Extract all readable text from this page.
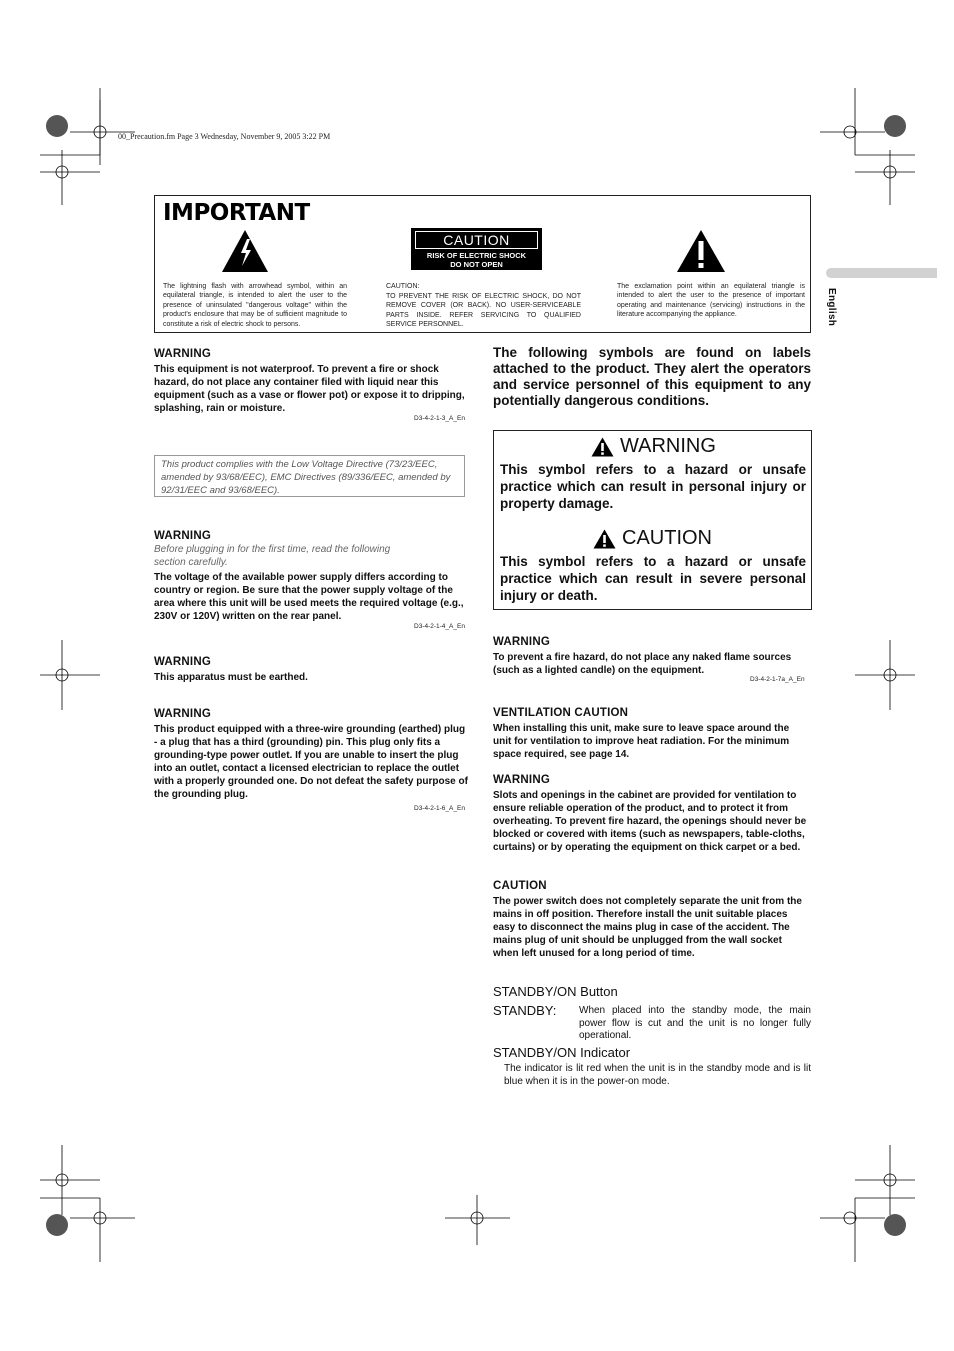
00_Precaution.fm Page 3 Wednesday, November 9, 2005 3:22 PM
English
IMPORTANT
The lightning flash with arrowhead symbol, within an equilateral triangle, is intended to alert the user to the presence of uninsulated "dangerous voltage" within the product's enclosure that may be of sufficient magnitude to constitute a risk of electric shock to persons.
CAUTION
RISK OF ELECTRIC SHOCK
DO NOT OPEN
CAUTION:
TO PREVENT THE RISK OF ELECTRIC SHOCK, DO NOT REMOVE COVER (OR BACK). NO USER-SERVICEABLE PARTS INSIDE. REFER SERVICING TO QUALIFIED SERVICE PERSONNEL.
The exclamation point within an equilateral triangle is intended to alert the user to the presence of important operating and maintenance (servicing) instructions in the literature accompanying the appliance.
WARNING
This equipment is not waterproof. To prevent a fire or shock hazard, do not place any container filed with liquid near this equipment (such as a vase or flower pot) or expose it to dripping, splashing, rain or moisture.
D3-4-2-1-3_A_En
This product complies with the Low Voltage Directive (73/23/EEC, amended by 93/68/EEC), EMC Directives (89/336/EEC, amended by 92/31/EEC and 93/68/EEC).
WARNING
Before plugging in for the first time, read the following section carefully.
The voltage of the available power supply differs according to country or region. Be sure that the power supply voltage of the area where this unit will be used meets the required voltage (e.g., 230V or 120V) written on the rear panel.
D3-4-2-1-4_A_En
WARNING
This apparatus must be earthed.
WARNING
This product equipped with a three-wire grounding (earthed) plug - a plug that has a third (grounding) pin. This plug only fits a grounding-type power outlet. If you are unable to insert the plug into an outlet, contact a licensed electrician to replace the outlet with a properly grounded one. Do not defeat the safety purpose of the grounding plug.
D3-4-2-1-6_A_En
The following symbols are found on labels attached to the product. They alert the operators and service personnel of this equipment to any potentially dangerous conditions.
WARNING
This symbol refers to a hazard or unsafe practice which can result in personal injury or property damage.
CAUTION
This symbol refers to a hazard or unsafe practice which can result in severe personal injury or death.
WARNING
To prevent a fire hazard, do not place any naked flame sources (such as a lighted candle) on the equipment.
D3-4-2-1-7a_A_En
VENTILATION CAUTION
When installing this unit, make sure to leave space around the unit for ventilation to improve heat radiation. For the minimum space required, see page 14.
WARNING
Slots and openings in the cabinet are provided for ventilation to ensure reliable operation of the product, and to protect it from overheating. To prevent fire hazard, the openings should never be blocked or covered with items (such as newspapers, table-cloths, curtains) or by operating the equipment on thick carpet or a bed.
CAUTION
The power switch does not completely separate the unit from the mains in off position. Therefore install the unit suitable places easy to disconnect the mains plug in case of the accident. The mains plug of unit should be unplugged from the wall socket when left unused for a long period of time.
STANDBY/ON Button
STANDBY: When placed into the standby mode, the main power flow is cut and the unit is no longer fully operational.
STANDBY/ON Indicator
The indicator is lit red when the unit is in the standby mode and is lit blue when it is in the power-on mode.
